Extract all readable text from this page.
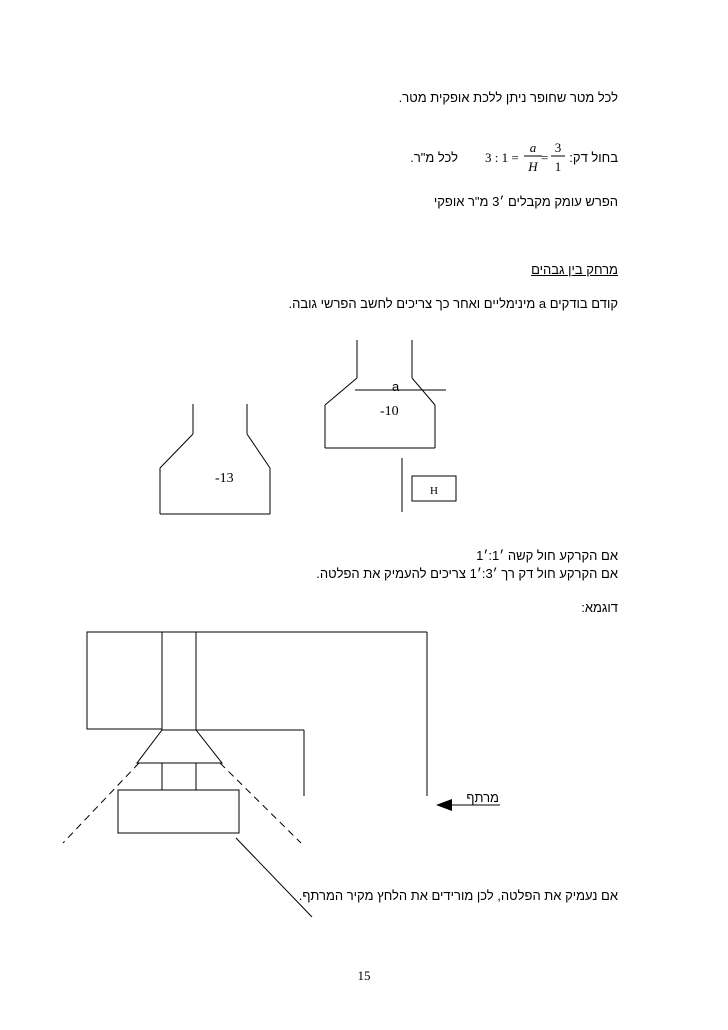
לכל מטר שחופר ניתן ללכת אופקית מטר.
בחול דק:
לכל מ"ר. 3 : 1 =
a
H
=
3
1
הפרש עומק מקבלים ׳3 מ"ר אופקי
מרחק בין גבהים
קודם בודקים a מינימליים ואחר כך צריכים לחשב הפרשי גובה.
אם הקרקע חול קשה ׳1:׳1
אם הקרקע חול דק רך ׳3:׳1 צריכים להעמיק את הפלטה.
דוגמא:
אם נעמיק את הפלטה, לכן מורידים את הלחץ מקיר המרתף.
a
-10
-13
H
מרתף
15
